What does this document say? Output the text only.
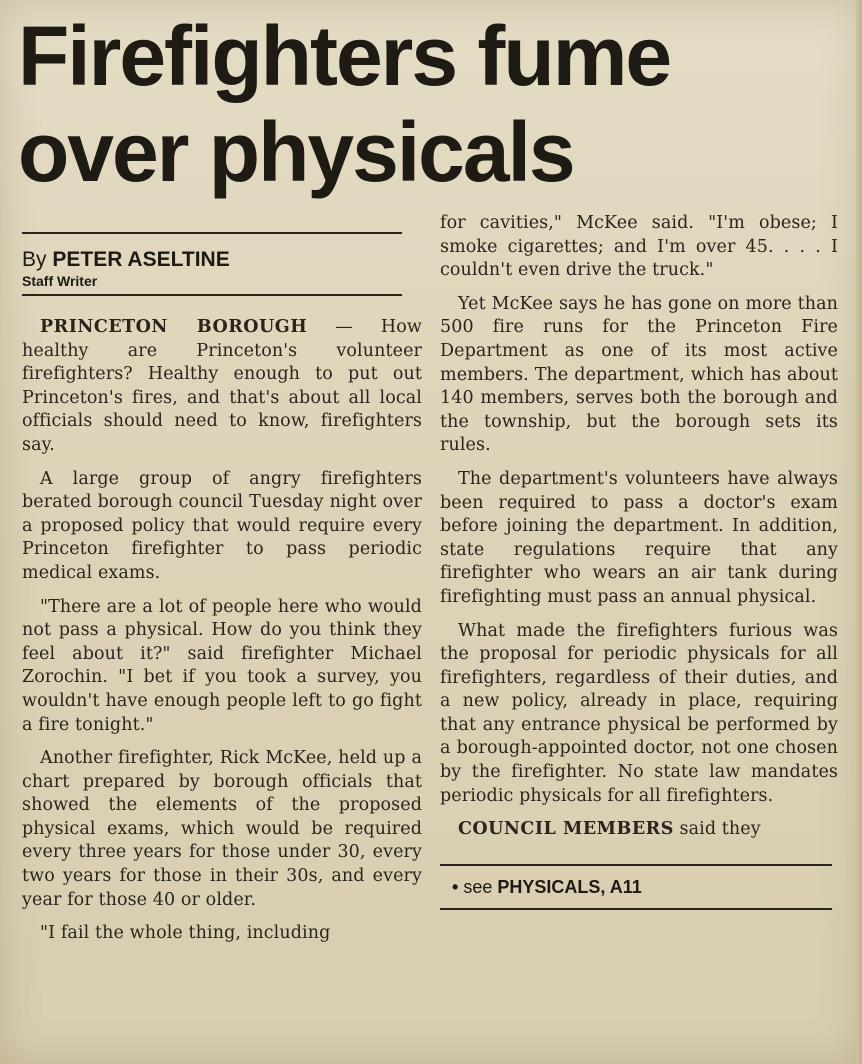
Firefighters fume
over physicals
By PETER ASELTINE
Staff Writer

PRINCETON BOROUGH — How healthy are Princeton's volunteer firefighters? Healthy enough to put out Princeton's fires, and that's about all local officials should need to know, firefighters say.

A large group of angry firefighters berated borough council Tuesday night over a proposed policy that would require every Princeton firefighter to pass periodic medical exams.

"There are a lot of people here who would not pass a physical. How do you think they feel about it?" said firefighter Michael Zorochin. "I bet if you took a survey, you wouldn't have enough people left to go fight a fire tonight."

Another firefighter, Rick McKee, held up a chart prepared by borough officials that showed the elements of the proposed physical exams, which would be required every three years for those under 30, every two years for those in their 30s, and every year for those 40 or older.

"I fail the whole thing, including

for cavities," McKee said. "I'm obese; I smoke cigarettes; and I'm over 45. . . . I couldn't even drive the truck."

Yet McKee says he has gone on more than 500 fire runs for the Princeton Fire Department as one of its most active members. The department, which has about 140 members, serves both the borough and the township, but the borough sets its rules.

The department's volunteers have always been required to pass a doctor's exam before joining the department. In addition, state regulations require that any firefighter who wears an air tank during firefighting must pass an annual physical.

What made the firefighters furious was the proposal for periodic physicals for all firefighters, regardless of their duties, and a new policy, already in place, requiring that any entrance physical be performed by a borough-appointed doctor, not one chosen by the firefighter. No state law mandates periodic physicals for all firefighters.

COUNCIL MEMBERS said they

• see PHYSICALS, A11
